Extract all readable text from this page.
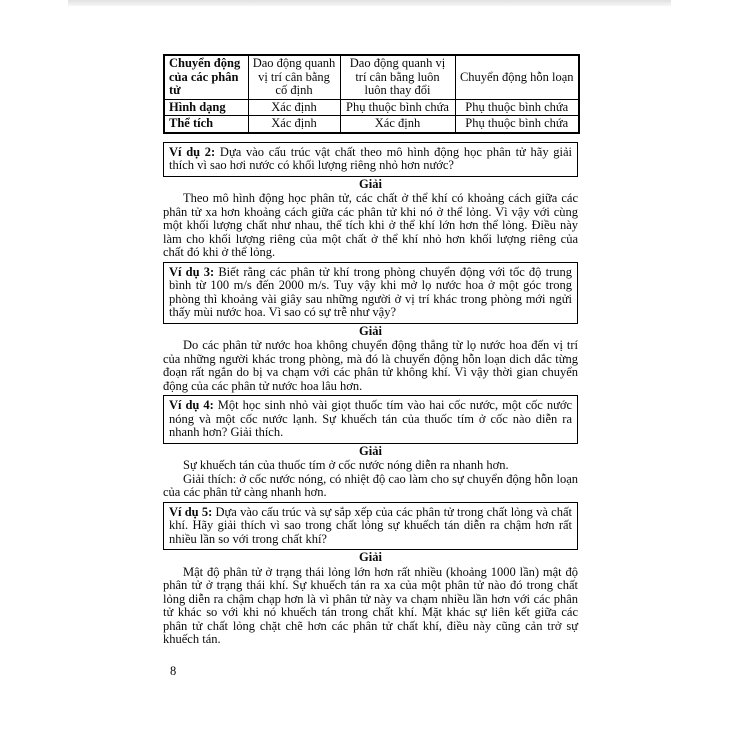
Chuyển động của các phân tử	Dao động quanh vị trí cân bằng cố định	Dao động quanh vị trí cân bằng luôn luôn thay đổi	Chuyển động hỗn loạn
Hình dạng	Xác định	Phụ thuộc bình chứa	Phụ thuộc bình chứa
Thể tích	Xác định	Xác định	Phụ thuộc bình chứa
Ví dụ 2: Dựa vào cấu trúc vật chất theo mô hình động học phân tử hãy giải thích vì sao hơi nước có khối lượng riêng nhỏ hơn nước?
Giải

Theo mô hình động học phân tử, các chất ở thể khí có khoảng cách giữa các phân tử xa hơn khoảng cách giữa các phân tử khi nó ở thể lỏng. Vì vậy với cùng một khối lượng chất như nhau, thể tích khi ở thể khí lớn hơn thể lỏng. Điều này làm cho khối lượng riêng của một chất ở thể khí nhỏ hơn khối lượng riêng của chất đó khi ở thể lỏng.

Ví dụ 3: Biết rằng các phân tử khí trong phòng chuyển động với tốc độ trung bình từ 100 m/s đến 2000 m/s. Tuy vậy khi mở lọ nước hoa ở một góc trong phòng thì khoảng vài giây sau những người ở vị trí khác trong phòng mới ngửi thấy mùi nước hoa. Vì sao có sự trễ như vậy?
Giải

Do các phân tử nước hoa không chuyển động thẳng từ lọ nước hoa đến vị trí của những người khác trong phòng, mà đó là chuyển động hỗn loạn dich dắc từng đoạn rất ngắn do bị va chạm với các phân tử không khí. Vì vậy thời gian chuyển động của các phân tử nước hoa lâu hơn.

Ví dụ 4: Một học sinh nhỏ vài giọt thuốc tím vào hai cốc nước, một cốc nước nóng và một cốc nước lạnh. Sự khuếch tán của thuốc tím ở cốc nào diễn ra nhanh hơn? Giải thích.
Giải

Sự khuếch tán của thuốc tím ở cốc nước nóng diễn ra nhanh hơn.

Giải thích: ở cốc nước nóng, có nhiệt độ cao làm cho sự chuyển động hỗn loạn của các phân tử càng nhanh hơn.

Ví dụ 5: Dựa vào cấu trúc và sự sắp xếp của các phân tử trong chất lỏng và chất khí. Hãy giải thích vì sao trong chất lỏng sự khuếch tán diễn ra chậm hơn rất nhiều lần so với trong chất khí?
Giải

Mật độ phân tử ở trạng thái lỏng lớn hơn rất nhiều (khoảng 1000 lần) mật độ phân tử ở trạng thái khí. Sự khuếch tán ra xa của một phân tử nào đó trong chất lỏng diễn ra chậm chạp hơn là vì phân tử này va chạm nhiều lần hơn với các phân tử khác so với khi nó khuếch tán trong chất khí. Mặt khác sự liên kết giữa các phân tử chất lỏng chặt chẽ hơn các phân tử chất khí, điều này cũng cản trở sự khuếch tán.

8
